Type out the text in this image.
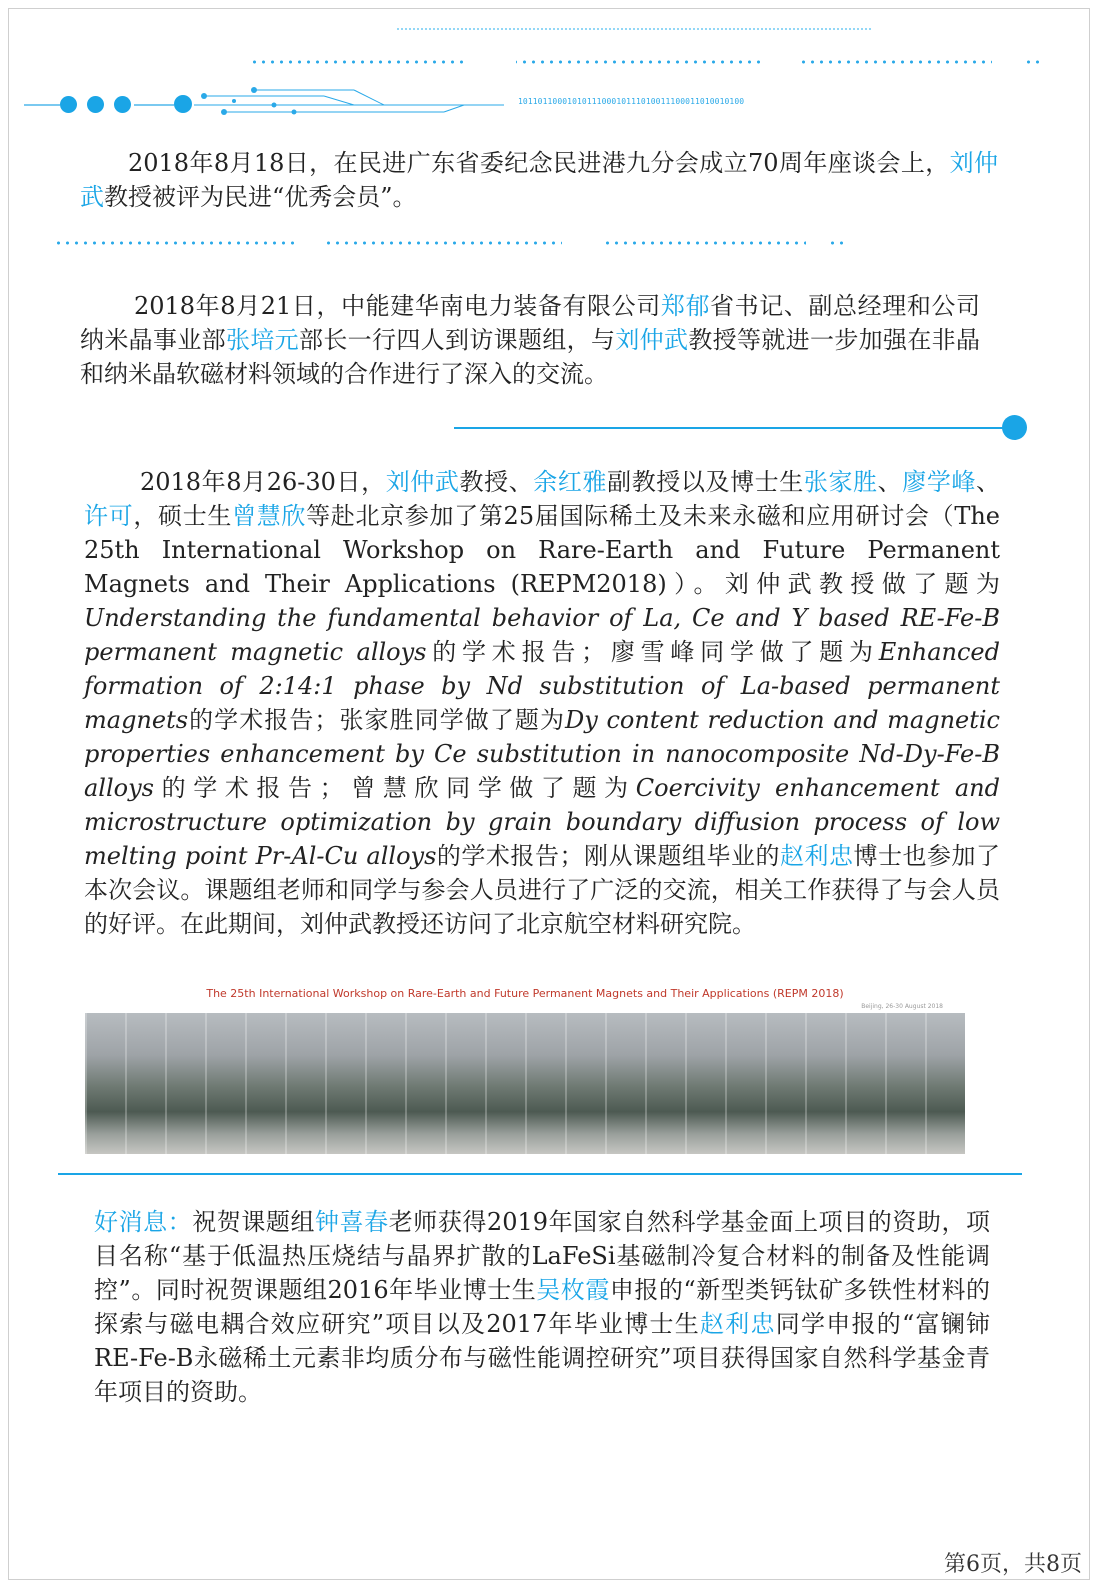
1011011000101011100010111010011100011010010100
2018年8月18日，在民进广东省委纪念民进港九分会成立70周年座谈会上，刘仲武教授被评为民进“优秀会员”。
2018年8月21日，中能建华南电力装备有限公司郑郁省书记、副总经理和公司纳米晶事业部张培元部长一行四人到访课题组，与刘仲武教授等就进一步加强在非晶和纳米晶软磁材料领域的合作进行了深入的交流。
2018年8月26-30日，刘仲武教授、余红雅副教授以及博士生张家胜、廖学峰、许可，硕士生曾慧欣等赴北京参加了第25届国际稀土及未来永磁和应用研讨会（The 25th International Workshop on Rare-Earth and Future Permanent Magnets and Their Applications (REPM2018)）。刘仲武教授做了题为Understanding the fundamental behavior of La, Ce and Y based RE-Fe-B permanent magnetic alloys的学术报告；廖雪峰同学做了题为Enhanced formation of 2:14:1 phase by Nd substitution of La-based permanent magnets的学术报告；张家胜同学做了题为Dy content reduction and magnetic properties enhancement by Ce substitution in nanocomposite Nd-Dy-Fe-B alloys的学术报告；曾慧欣同学做了题为Coercivity enhancement and microstructure optimization by grain boundary diffusion process of low melting point Pr-Al-Cu alloys的学术报告；刚从课题组毕业的赵利忠博士也参加了本次会议。课题组老师和同学与参会人员进行了广泛的交流，相关工作获得了与会人员的好评。在此期间，刘仲武教授还访问了北京航空材料研究院。
The 25th International Workshop on Rare-Earth and Future Permanent Magnets and Their Applications (REPM 2018)
Beijing, 26-30 August 2018
好消息：祝贺课题组钟喜春老师获得2019年国家自然科学基金面上项目的资助，项目名称“基于低温热压烧结与晶界扩散的LaFeSi基磁制冷复合材料的制备及性能调控”。同时祝贺课题组2016年毕业博士生吴枚霞申报的“新型类钙钛矿多铁性材料的探索与磁电耦合效应研究”项目以及2017年毕业博士生赵利忠同学申报的“富镧铈RE-Fe-B永磁稀土元素非均质分布与磁性能调控研究”项目获得国家自然科学基金青年项目的资助。
第6页，共8页
